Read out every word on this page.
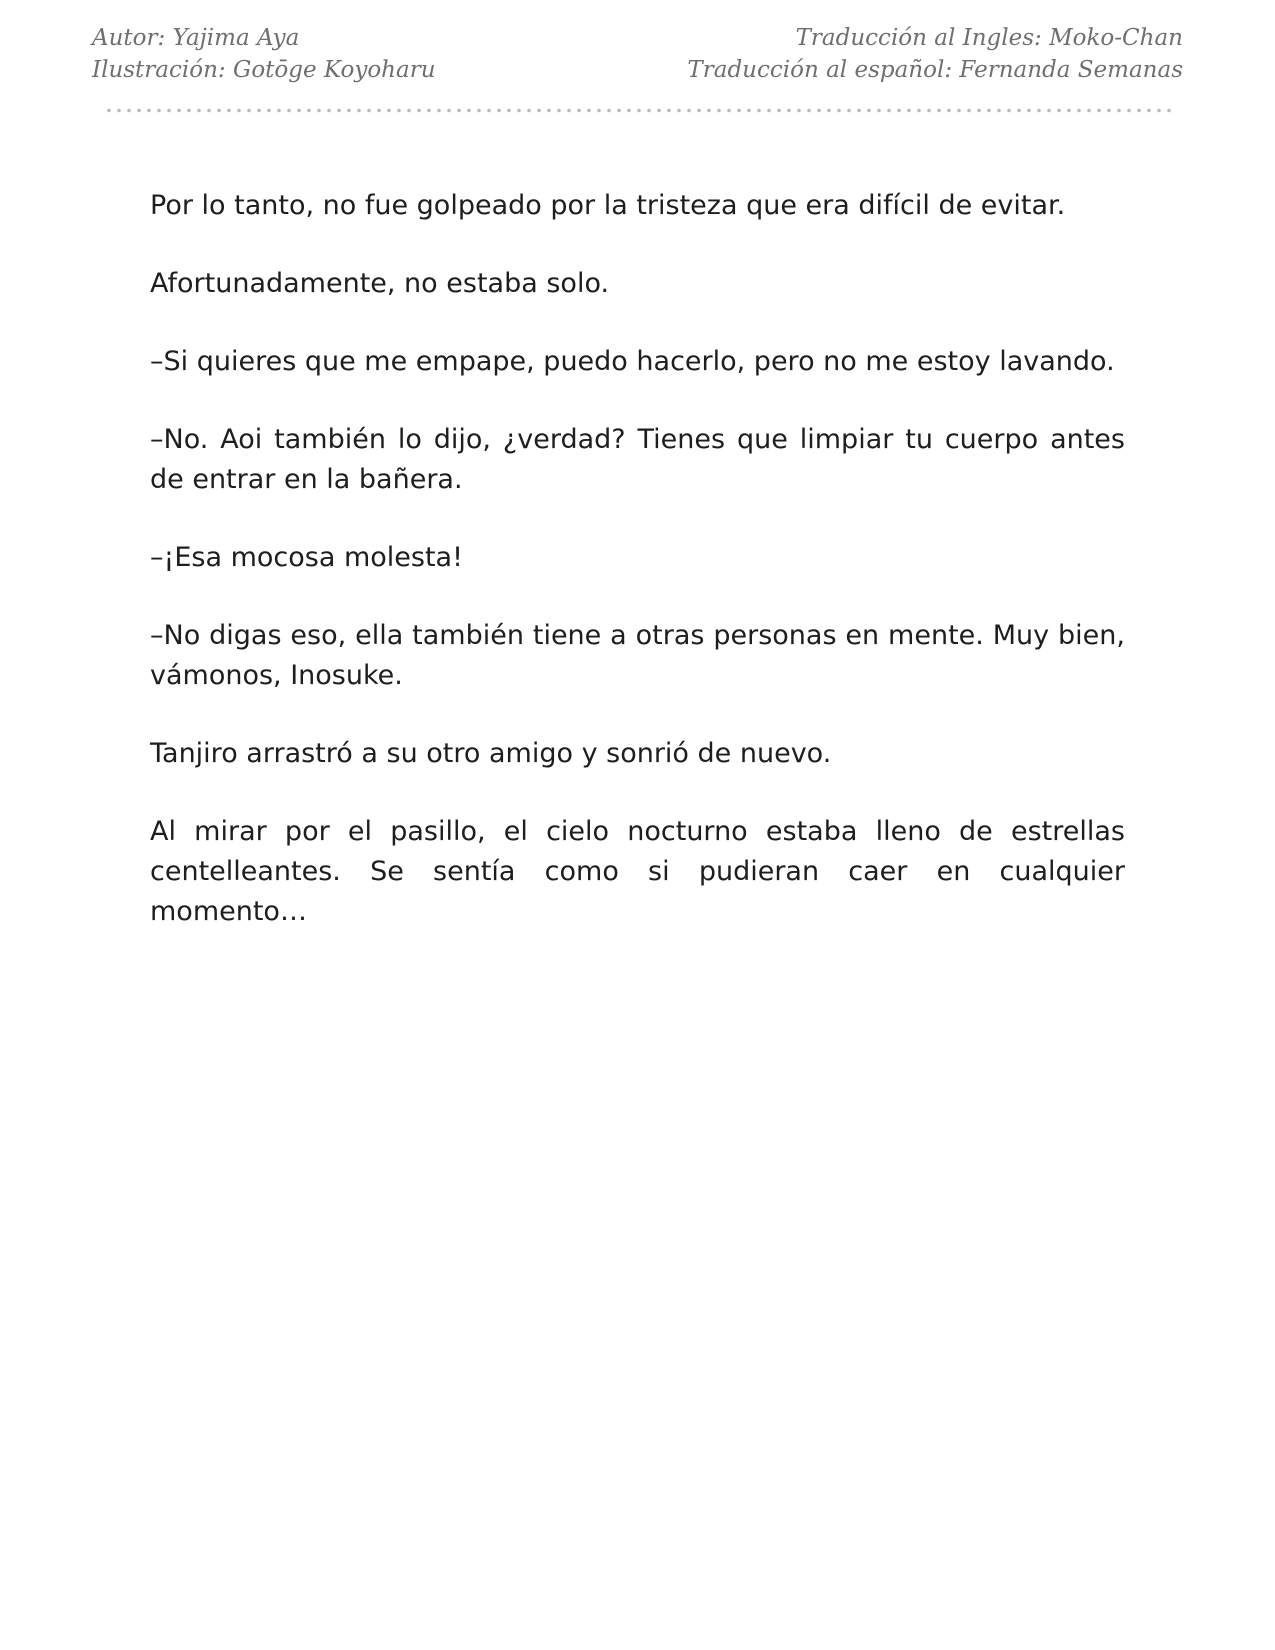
Autor: Yajima Aya
Ilustración: Gotōge Koyoharu
Traducción al Ingles: Moko-Chan
Traducción al español: Fernanda Semanas

Por lo tanto, no fue golpeado por la tristeza que era difícil de evitar.

Afortunadamente, no estaba solo.

–Si quieres que me empape, puedo hacerlo, pero no me estoy lavando.

–No. Aoi también lo dijo, ¿verdad? Tienes que limpiar tu cuerpo antes de entrar en la bañera.

–¡Esa mocosa molesta!

–No digas eso, ella también tiene a otras personas en mente. Muy bien, vámonos, Inosuke.

Tanjiro arrastró a su otro amigo y sonrió de nuevo.

Al mirar por el pasillo, el cielo nocturno estaba lleno de estrellas centelleantes. Se sentía como si pudieran caer en cualquier momento…
